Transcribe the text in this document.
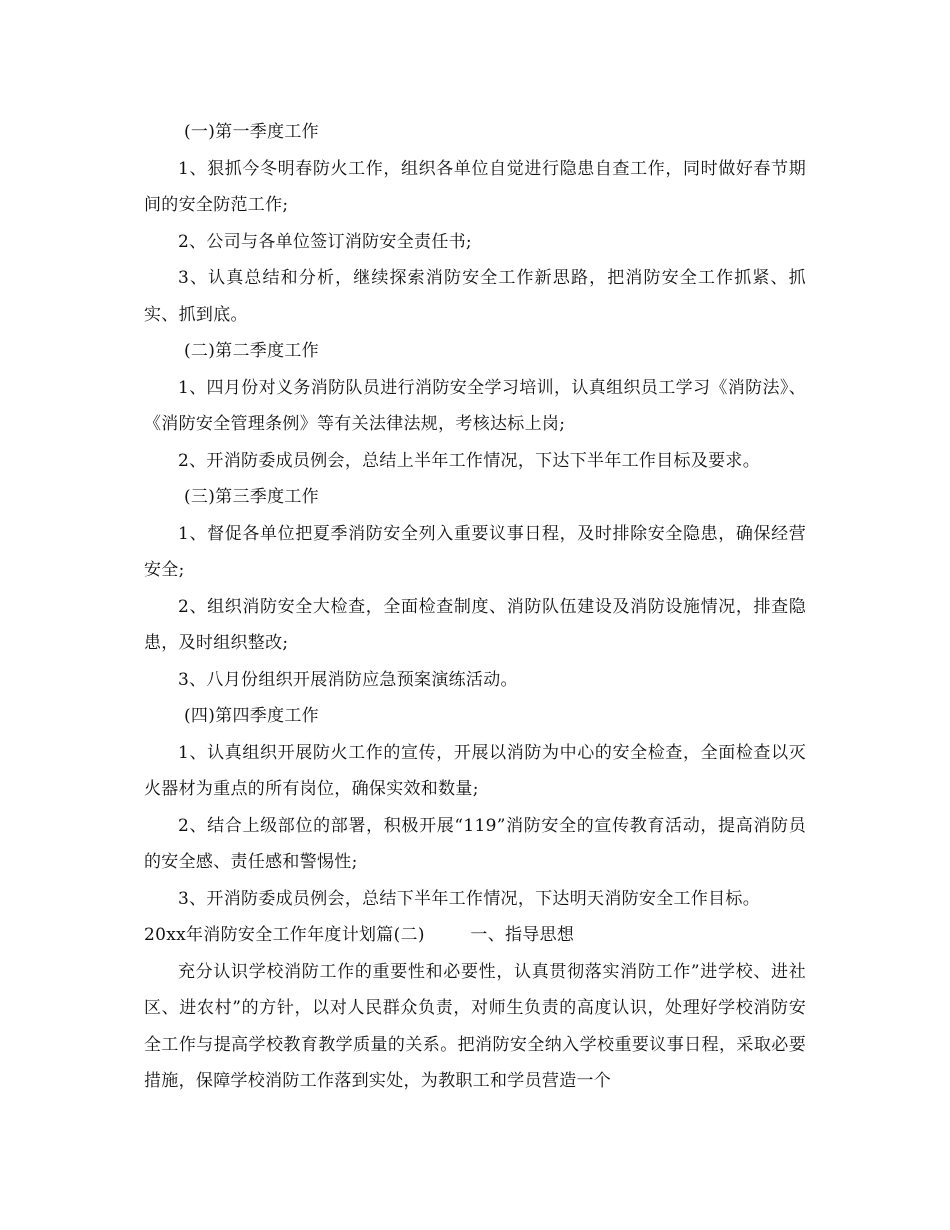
(一)第一季度工作

1、狠抓今冬明春防火工作，组织各单位自觉进行隐患自查工作，同时做好春节期间的安全防范工作;

2、公司与各单位签订消防安全责任书;

3、认真总结和分析，继续探索消防安全工作新思路，把消防安全工作抓紧、抓实、抓到底。

(二)第二季度工作

1、四月份对义务消防队员进行消防安全学习培训，认真组织员工学习《消防法》、《消防安全管理条例》等有关法律法规，考核达标上岗;

2、开消防委成员例会，总结上半年工作情况，下达下半年工作目标及要求。

(三)第三季度工作

1、督促各单位把夏季消防安全列入重要议事日程，及时排除安全隐患，确保经营安全;

2、组织消防安全大检查，全面检查制度、消防队伍建设及消防设施情况，排查隐患，及时组织整改;

3、八月份组织开展消防应急预案演练活动。

(四)第四季度工作

1、认真组织开展防火工作的宣传，开展以消防为中心的安全检查，全面检查以灭火器材为重点的所有岗位，确保实效和数量;

2、结合上级部位的部署，积极开展“119”消防安全的宣传教育活动，提高消防员的安全感、责任感和警惕性;

3、开消防委成员例会，总结下半年工作情况，下达明天消防安全工作目标。

20xx年消防安全工作年度计划篇(二)        一、指导思想

充分认识学校消防工作的重要性和必要性，认真贯彻落实消防工作”进学校、进社区、进农村”的方针，以对人民群众负责，对师生负责的高度认识，处理好学校消防安全工作与提高学校教育教学质量的关系。把消防安全纳入学校重要议事日程，采取必要措施，保障学校消防工作落到实处，为教职工和学员营造一个
